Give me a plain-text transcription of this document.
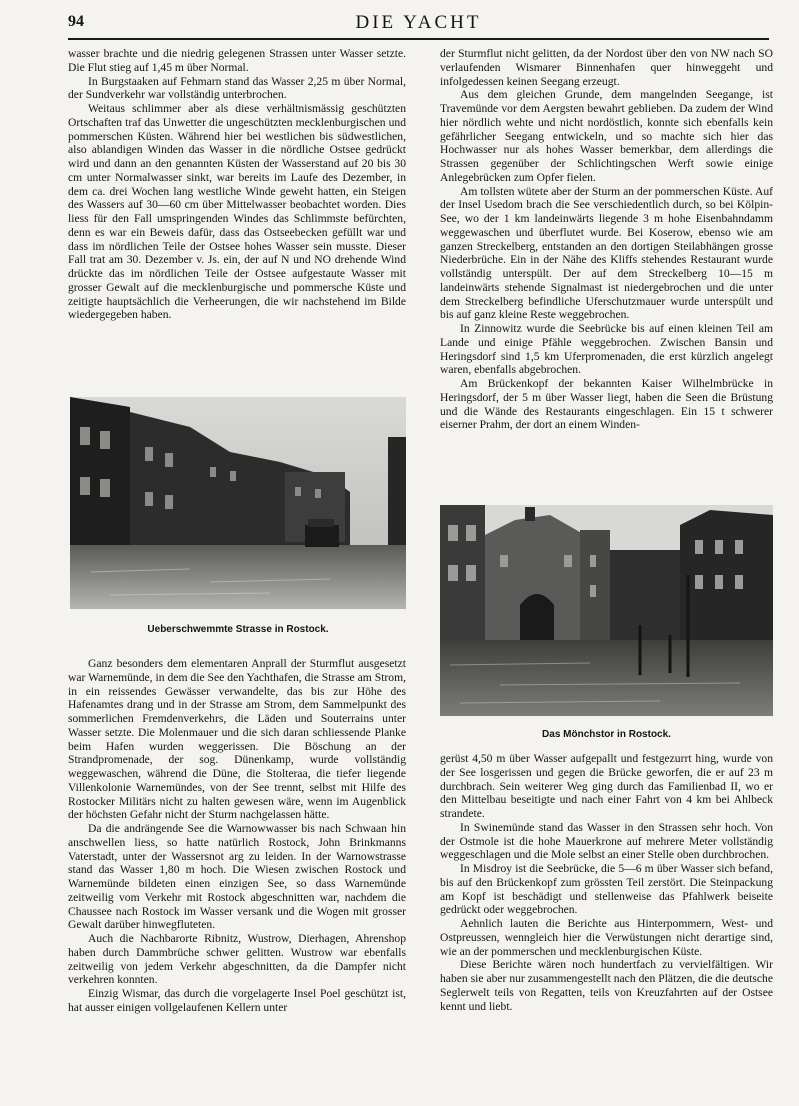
94	DIE YACHT

wasser brachte und die niedrig gelegenen Strassen unter Wasser setzte. Die Flut stieg auf 1,45 m über Normal.

In Burgstaaken auf Fehmarn stand das Wasser 2,25 m über Normal, der Sundverkehr war vollständig unterbrochen.

Weitaus schlimmer aber als diese verhältnismässig geschützten Ortschaften traf das Unwetter die ungeschützten mecklenburgischen und pommerschen Küsten. Während hier bei westlichen bis südwestlichen, also ablandigen Winden das Wasser in die nördliche Ostsee gedrückt wird und dann an den genannten Küsten der Wasserstand auf 20 bis 30 cm unter Normalwasser sinkt, war bereits im Laufe des Dezember, in dem ca. drei Wochen lang westliche Winde geweht hatten, ein Steigen des Wassers auf 30—60 cm über Mittelwasser beobachtet worden. Dies liess für den Fall umspringenden Windes das Schlimmste befürchten, denn es war ein Beweis dafür, dass das Ostseebecken gefüllt war und dass im nördlichen Teile der Ostsee hohes Wasser sein musste. Dieser Fall trat am 30. Dezember v. Js. ein, der auf N und NO drehende Wind drückte das im nördlichen Teile der Ostsee aufgestaute Wasser mit grosser Gewalt auf die mecklenburgische und pommersche Küste und zeitigte hauptsächlich die Verheerungen, die wir nachstehend im Bilde wiedergegeben haben.

Ueberschwemmte Strasse in Rostock.

Ganz besonders dem elementaren Anprall der Sturmflut ausgesetzt war Warnemünde, in dem die See den Yachthafen, die Strasse am Strom, in ein reissendes Gewässer verwandelte, das bis zur Höhe des Hafenamtes drang und in der Strasse am Strom, dem Sammelpunkt des sommerlichen Fremdenverkehrs, die Läden und Souterrains unter Wasser setzte. Die Molenmauer und die sich daran schliessende Planke beim Hafen wurden weggerissen. Die Böschung an der Strandpromenade, der sog. Dünenkamp, wurde vollständig weggewaschen, während die Düne, die Stolteraa, die tiefer liegende Villenkolonie Warnemündes, von der See trennt, selbst mit Hilfe des Rostocker Militärs nicht zu halten gewesen wäre, wenn im Augenblick der höchsten Gefahr nicht der Sturm nachgelassen hätte.

Da die andrängende See die Warnowwasser bis nach Schwaan hin anschwellen liess, so hatte natürlich Rostock, John Brinkmanns Vaterstadt, unter der Wassersnot arg zu leiden. In der Warnowstrasse stand das Wasser 1,80 m hoch. Die Wiesen zwischen Rostock und Warnemünde bildeten einen einzigen See, so dass Warnemünde zeitweilig vom Verkehr mit Rostock abgeschnitten war, nachdem die Chaussee nach Rostock im Wasser versank und die Wogen mit grosser Gewalt darüber hinwegfluteten.

Auch die Nachbarorte Ribnitz, Wustrow, Dierhagen, Ahrenshop haben durch Dammbrüche schwer gelitten. Wustrow war ebenfalls zeitweilig von jedem Verkehr abgeschnitten, da die Dampfer nicht verkehren konnten.

Einzig Wismar, das durch die vorgelagerte Insel Poel geschützt ist, hat ausser einigen vollgelaufenen Kellern unter

der Sturmflut nicht gelitten, da der Nordost über den von NW nach SO verlaufenden Wismarer Binnenhafen quer hinweggeht und infolgedessen keinen Seegang erzeugt.

Aus dem gleichen Grunde, dem mangelnden Seegange, ist Travemünde vor dem Aergsten bewahrt geblieben. Da zudem der Wind hier nördlich wehte und nicht nordöstlich, konnte sich ebenfalls kein gefährlicher Seegang entwickeln, und so machte sich hier das Hochwasser nur als hohes Wasser bemerkbar, dem allerdings die Strassen gegenüber der Schlichtingschen Werft sowie einige Anlegebrücken zum Opfer fielen.

Am tollsten wütete aber der Sturm an der pommerschen Küste. Auf der Insel Usedom brach die See verschiedentlich durch, so bei Kölpin-See, wo der 1 km landeinwärts liegende 3 m hohe Eisenbahndamm weggewaschen und überflutet wurde. Bei Koserow, ebenso wie am ganzen Streckelberg, entstanden an den dortigen Steilabhängen grosse Niederbrüche. Ein in der Nähe des Kliffs stehendes Restaurant wurde vollständig unterspült. Der auf dem Streckelberg 10—15 m landeinwärts stehende Signalmast ist niedergebrochen und die unter dem Streckelberg befindliche Uferschutzmauer wurde unterspült und bis auf ganz kleine Reste weggebrochen.

In Zinnowitz wurde die Seebrücke bis auf einen kleinen Teil am Lande und einige Pfähle weggebrochen. Zwischen Bansin und Heringsdorf sind 1,5 km Uferpromenaden, die erst kürzlich angelegt waren, ebenfalls abgebrochen.

Am Brückenkopf der bekannten Kaiser Wilhelmbrücke in Heringsdorf, der 5 m über Wasser liegt, haben die Seen die Brüstung und die Wände des Restaurants eingeschlagen. Ein 15 t schwerer eiserner Prahm, der dort an einem Winden-

Das Mönchstor in Rostock.

gerüst 4,50 m über Wasser aufgepallt und festgezurrt hing, wurde von der See losgerissen und gegen die Brücke geworfen, die er auf 23 m durchbrach. Sein weiterer Weg ging durch das Familienbad II, wo er den Mittelbau beseitigte und nach einer Fahrt von 4 km bei Ahlbeck strandete.

In Swinemünde stand das Wasser in den Strassen sehr hoch. Von der Ostmole ist die hohe Mauerkrone auf mehrere Meter vollständig weggeschlagen und die Mole selbst an einer Stelle oben durchbrochen.

In Misdroy ist die Seebrücke, die 5—6 m über Wasser sich befand, bis auf den Brückenkopf zum grössten Teil zerstört. Die Steinpackung am Kopf ist beschädigt und stellenweise das Pfahlwerk beiseite gedrückt oder weggebrochen.

Aehnlich lauten die Berichte aus Hinterpommern, West- und Ostpreussen, wenngleich hier die Verwüstungen nicht derartige sind, wie an der pommerschen und mecklenburgischen Küste.

Diese Berichte wären noch hundertfach zu vervielfältigen. Wir haben sie aber nur zusammengestellt nach den Plätzen, die die deutsche Seglerwelt teils von Regatten, teils von Kreuzfahrten auf der Ostsee kennt und liebt.
